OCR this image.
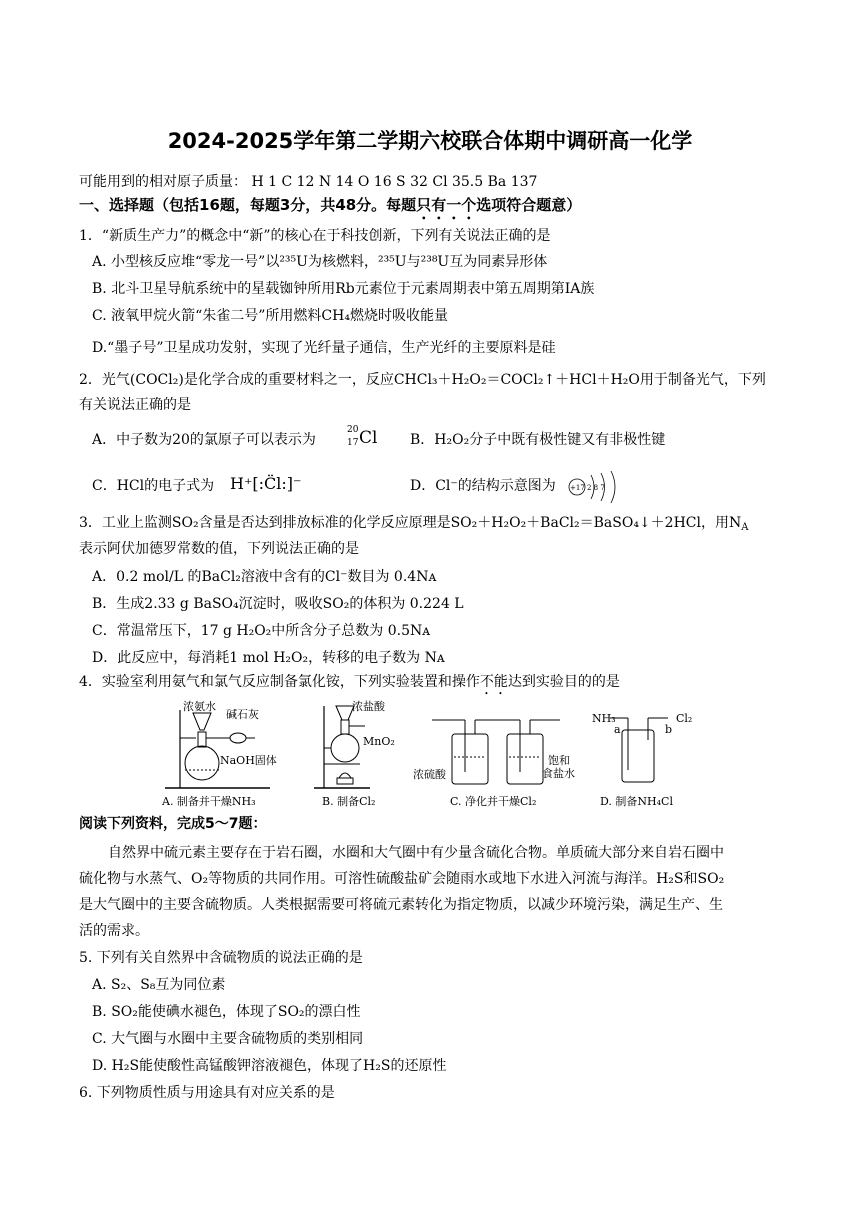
2024-2025学年第二学期六校联合体期中调研高一化学
可能用到的相对原子质量： H 1 C 12 N 14 O 16 S 32 Cl 35.5 Ba 137
一、选择题（包括16题，每题3分，共48分。每题只有一个选项符合题意）
1．“新质生产力”的概念中“新”的核心在于科技创新，下列有关说法正确的是
A. 小型核反应堆“零龙一号”以²³⁵U为核燃料，²³⁵U与²³⁸U互为同素异形体
B. 北斗卫星导航系统中的星载铷钟所用Rb元素位于元素周期表中第五周期第ⅠA族
C. 液氧甲烷火箭“朱雀二号”所用燃料CH₄燃烧时吸收能量
D.“墨子号”卫星成功发射，实现了光纤量子通信，生产光纤的主要原料是硅
2．光气(COCl₂)是化学合成的重要材料之一，反应CHCl₃＋H₂O₂＝COCl₂↑＋HCl＋H₂O用于制备光气，下列
有关说法正确的是
A．中子数为20的氯原子可以表示为
20
17 Cl B．H₂O₂分子中既有极性键又有非极性键
C．HCl的电子式为 H⁺[:C̈l:]⁻	D．Cl⁻的结构示意图为 +17 2 8 7
3．工业上监测SO₂含量是否达到排放标准的化学反应原理是SO₂＋H₂O₂＋BaCl₂＝BaSO₄↓＋2HCl，用$N_A$
表示阿伏加德罗常数的值，下列说法正确的是
A．0.2 mol/L 的BaCl₂溶液中含有的Cl⁻数目为 0.4Nᴀ
B．生成2.33 g BaSO₄沉淀时，吸收SO₂的体积为 0.224 L
C．常温常压下，17 g H₂O₂中所含分子总数为 0.5Nᴀ
D．此反应中，每消耗1 mol H₂O₂，转移的电子数为 Nᴀ
4．实验室利用氨气和氯气反应制备氯化铵，下列实验装置和操作不能达到实验目的的是
浓氨水
碱石灰
NaOH固体
A. 制备并干燥NH₃
浓盐酸
MnO₂
B. 制备Cl₂
饱和
食盐水
浓硫酸
C. 净化并干燥Cl₂
NH₃	Cl₂
a	b
D. 制备NH₄Cl
阅读下列资料，完成5～7题：
自然界中硫元素主要存在于岩石圈，水圈和大气圈中有少量含硫化合物。单质硫大部分来自岩石圈中
硫化物与水蒸气、O₂等物质的共同作用。可溶性硫酸盐矿会随雨水或地下水进入河流与海洋。H₂S和SO₂
是大气圈中的主要含硫物质。人类根据需要可将硫元素转化为指定物质，以减少环境污染，满足生产、生
活的需求。
5. 下列有关自然界中含硫物质的说法正确的是
A. S₂、S₈互为同位素
B. SO₂能使碘水褪色，体现了SO₂的漂白性
C. 大气圈与水圈中主要含硫物质的类别相同
D. H₂S能使酸性高锰酸钾溶液褪色，体现了H₂S的还原性
6. 下列物质性质与用途具有对应关系的是
